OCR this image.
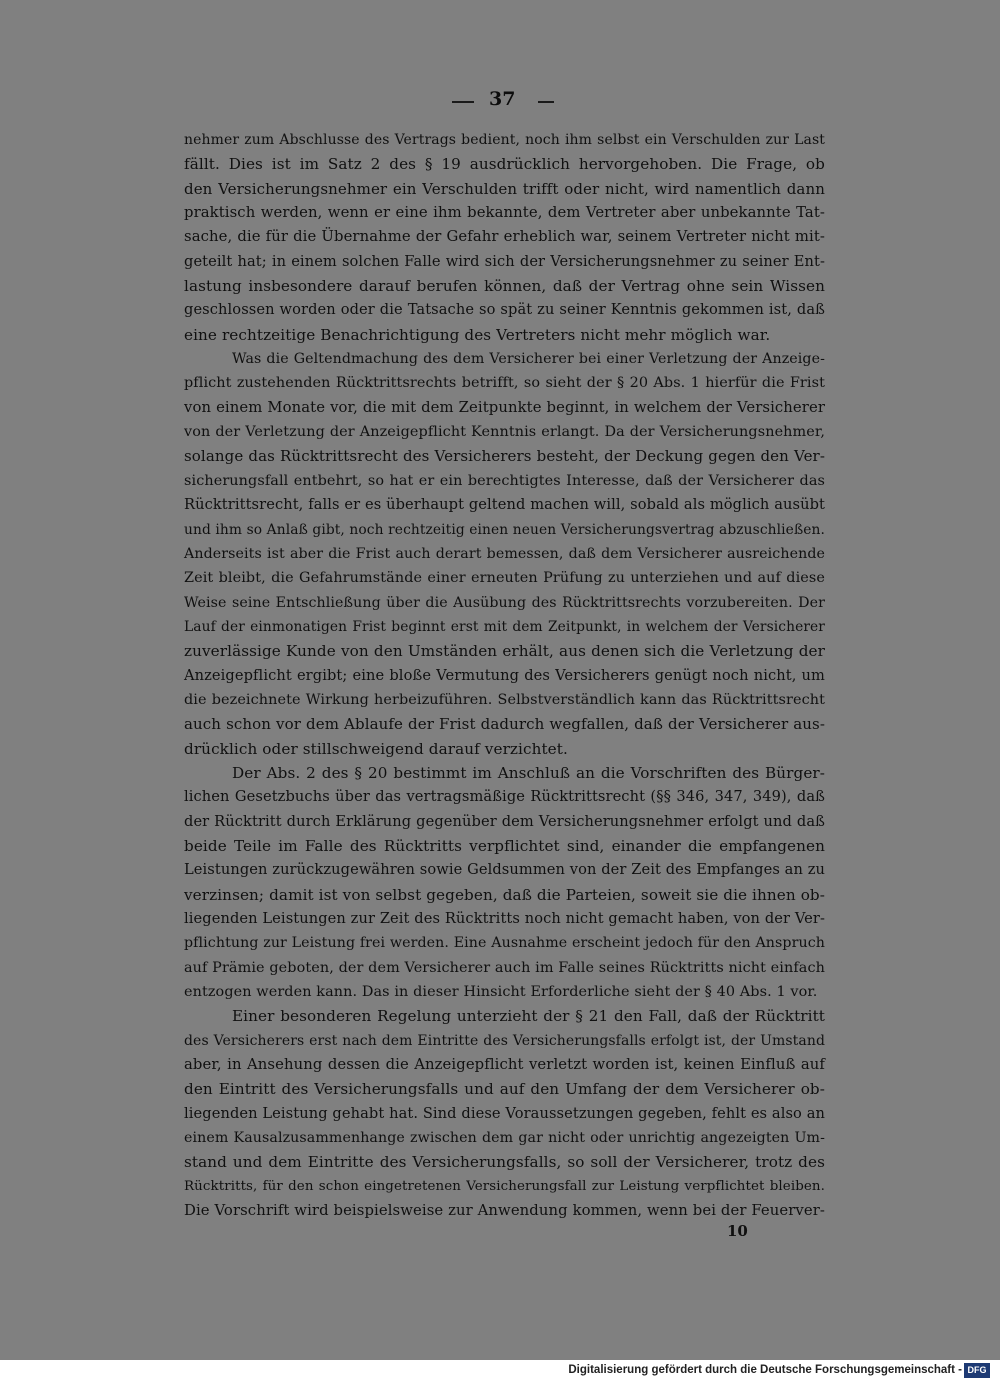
37
nehmer zum Abschlusse des Vertrags bedient, noch ihm selbst ein Verschulden zur Last
fällt. Dies ist im Satz 2 des § 19 ausdrücklich hervorgehoben. Die Frage, ob
den Versicherungsnehmer ein Verschulden trifft oder nicht, wird namentlich dann
praktisch werden, wenn er eine ihm bekannte, dem Vertreter aber unbekannte Tat-
sache, die für die Übernahme der Gefahr erheblich war, seinem Vertreter nicht mit-
geteilt hat; in einem solchen Falle wird sich der Versicherungsnehmer zu seiner Ent-
lastung insbesondere darauf berufen können, daß der Vertrag ohne sein Wissen
geschlossen worden oder die Tatsache so spät zu seiner Kenntnis gekommen ist, daß
eine rechtzeitige Benachrichtigung des Vertreters nicht mehr möglich war.
Was die Geltendmachung des dem Versicherer bei einer Verletzung der Anzeige-
pflicht zustehenden Rücktrittsrechts betrifft, so sieht der § 20 Abs. 1 hierfür die Frist
von einem Monate vor, die mit dem Zeitpunkte beginnt, in welchem der Versicherer
von der Verletzung der Anzeigepflicht Kenntnis erlangt. Da der Versicherungsnehmer,
solange das Rücktrittsrecht des Versicherers besteht, der Deckung gegen den Ver-
sicherungsfall entbehrt, so hat er ein berechtigtes Interesse, daß der Versicherer das
Rücktrittsrecht, falls er es überhaupt geltend machen will, sobald als möglich ausübt
und ihm so Anlaß gibt, noch rechtzeitig einen neuen Versicherungsvertrag abzuschließen.
Anderseits ist aber die Frist auch derart bemessen, daß dem Versicherer ausreichende
Zeit bleibt, die Gefahrumstände einer erneuten Prüfung zu unterziehen und auf diese
Weise seine Entschließung über die Ausübung des Rücktrittsrechts vorzubereiten. Der
Lauf der einmonatigen Frist beginnt erst mit dem Zeitpunkt, in welchem der Versicherer
zuverlässige Kunde von den Umständen erhält, aus denen sich die Verletzung der
Anzeigepflicht ergibt; eine bloße Vermutung des Versicherers genügt noch nicht, um
die bezeichnete Wirkung herbeizuführen. Selbstverständlich kann das Rücktrittsrecht
auch schon vor dem Ablaufe der Frist dadurch wegfallen, daß der Versicherer aus-
drücklich oder stillschweigend darauf verzichtet.
Der Abs. 2 des § 20 bestimmt im Anschluß an die Vorschriften des Bürger-
lichen Gesetzbuchs über das vertragsmäßige Rücktrittsrecht (§§ 346, 347, 349), daß
der Rücktritt durch Erklärung gegenüber dem Versicherungsnehmer erfolgt und daß
beide Teile im Falle des Rücktritts verpflichtet sind, einander die empfangenen
Leistungen zurückzugewähren sowie Geldsummen von der Zeit des Empfanges an zu
verzinsen; damit ist von selbst gegeben, daß die Parteien, soweit sie die ihnen ob-
liegenden Leistungen zur Zeit des Rücktritts noch nicht gemacht haben, von der Ver-
pflichtung zur Leistung frei werden. Eine Ausnahme erscheint jedoch für den Anspruch
auf Prämie geboten, der dem Versicherer auch im Falle seines Rücktritts nicht einfach
entzogen werden kann. Das in dieser Hinsicht Erforderliche sieht der § 40 Abs. 1 vor.
Einer besonderen Regelung unterzieht der § 21 den Fall, daß der Rücktritt
des Versicherers erst nach dem Eintritte des Versicherungsfalls erfolgt ist, der Umstand
aber, in Ansehung dessen die Anzeigepflicht verletzt worden ist, keinen Einfluß auf
den Eintritt des Versicherungsfalls und auf den Umfang der dem Versicherer ob-
liegenden Leistung gehabt hat. Sind diese Voraussetzungen gegeben, fehlt es also an
einem Kausalzusammenhange zwischen dem gar nicht oder unrichtig angezeigten Um-
stand und dem Eintritte des Versicherungsfalls, so soll der Versicherer, trotz des
Rücktritts, für den schon eingetretenen Versicherungsfall zur Leistung verpflichtet bleiben.
Die Vorschrift wird beispielsweise zur Anwendung kommen, wenn bei der Feuerver-
10
Digitalisierung gefördert durch die Deutsche Forschungsgemeinschaft - DFG
